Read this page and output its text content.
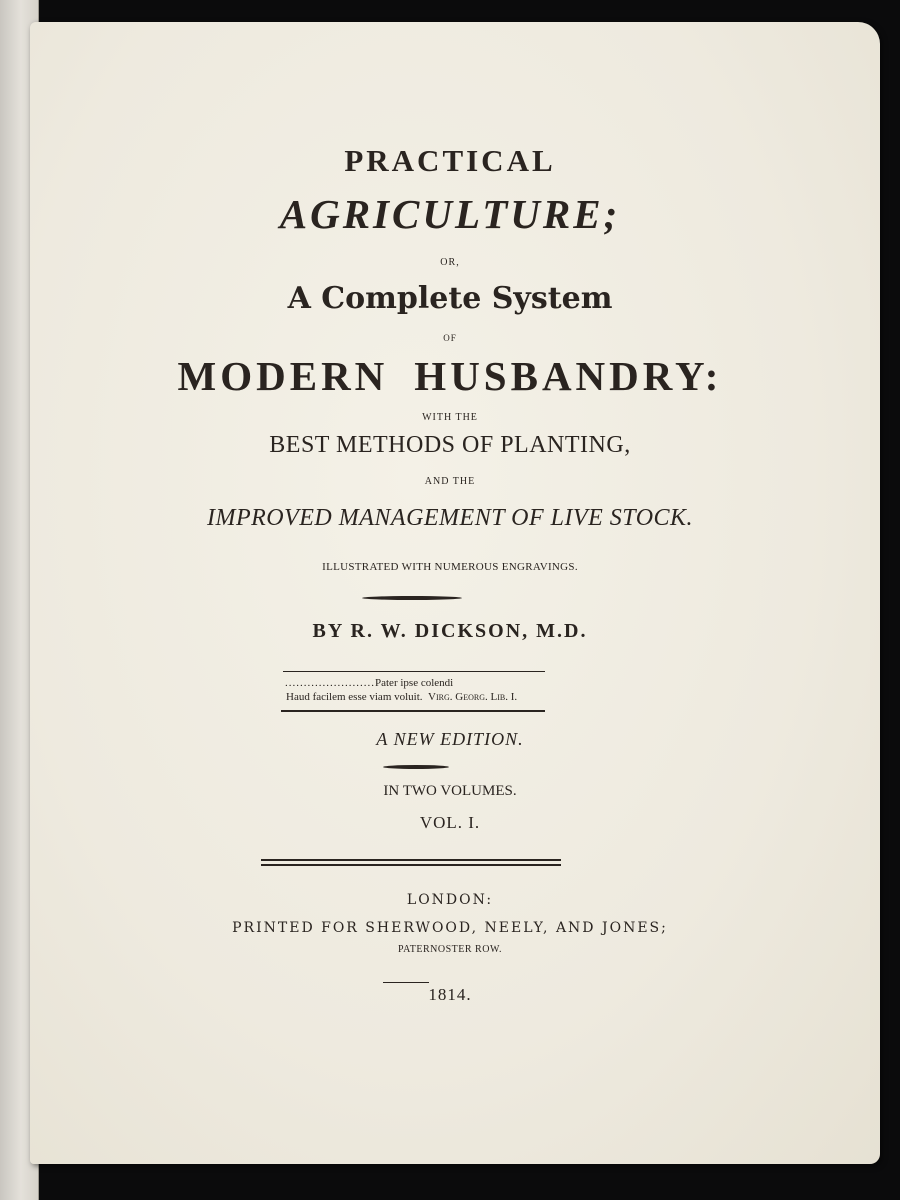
PRACTICAL
AGRICULTURE;
OR,
A Complete System
OF
MODERN HUSBANDRY:
WITH THE
BEST METHODS OF PLANTING,
AND THE
IMPROVED MANAGEMENT OF LIVE STOCK.
ILLUSTRATED WITH NUMEROUS ENGRAVINGS.
BY R. W. DICKSON, M.D.
........................Pater ipse colendi
Haud facilem esse viam voluit. Virg. Georg. Lib. I.
A NEW EDITION.
IN TWO VOLUMES.
VOL. I.
LONDON:
PRINTED FOR SHERWOOD, NEELY, AND JONES;
PATERNOSTER ROW.
1814.
